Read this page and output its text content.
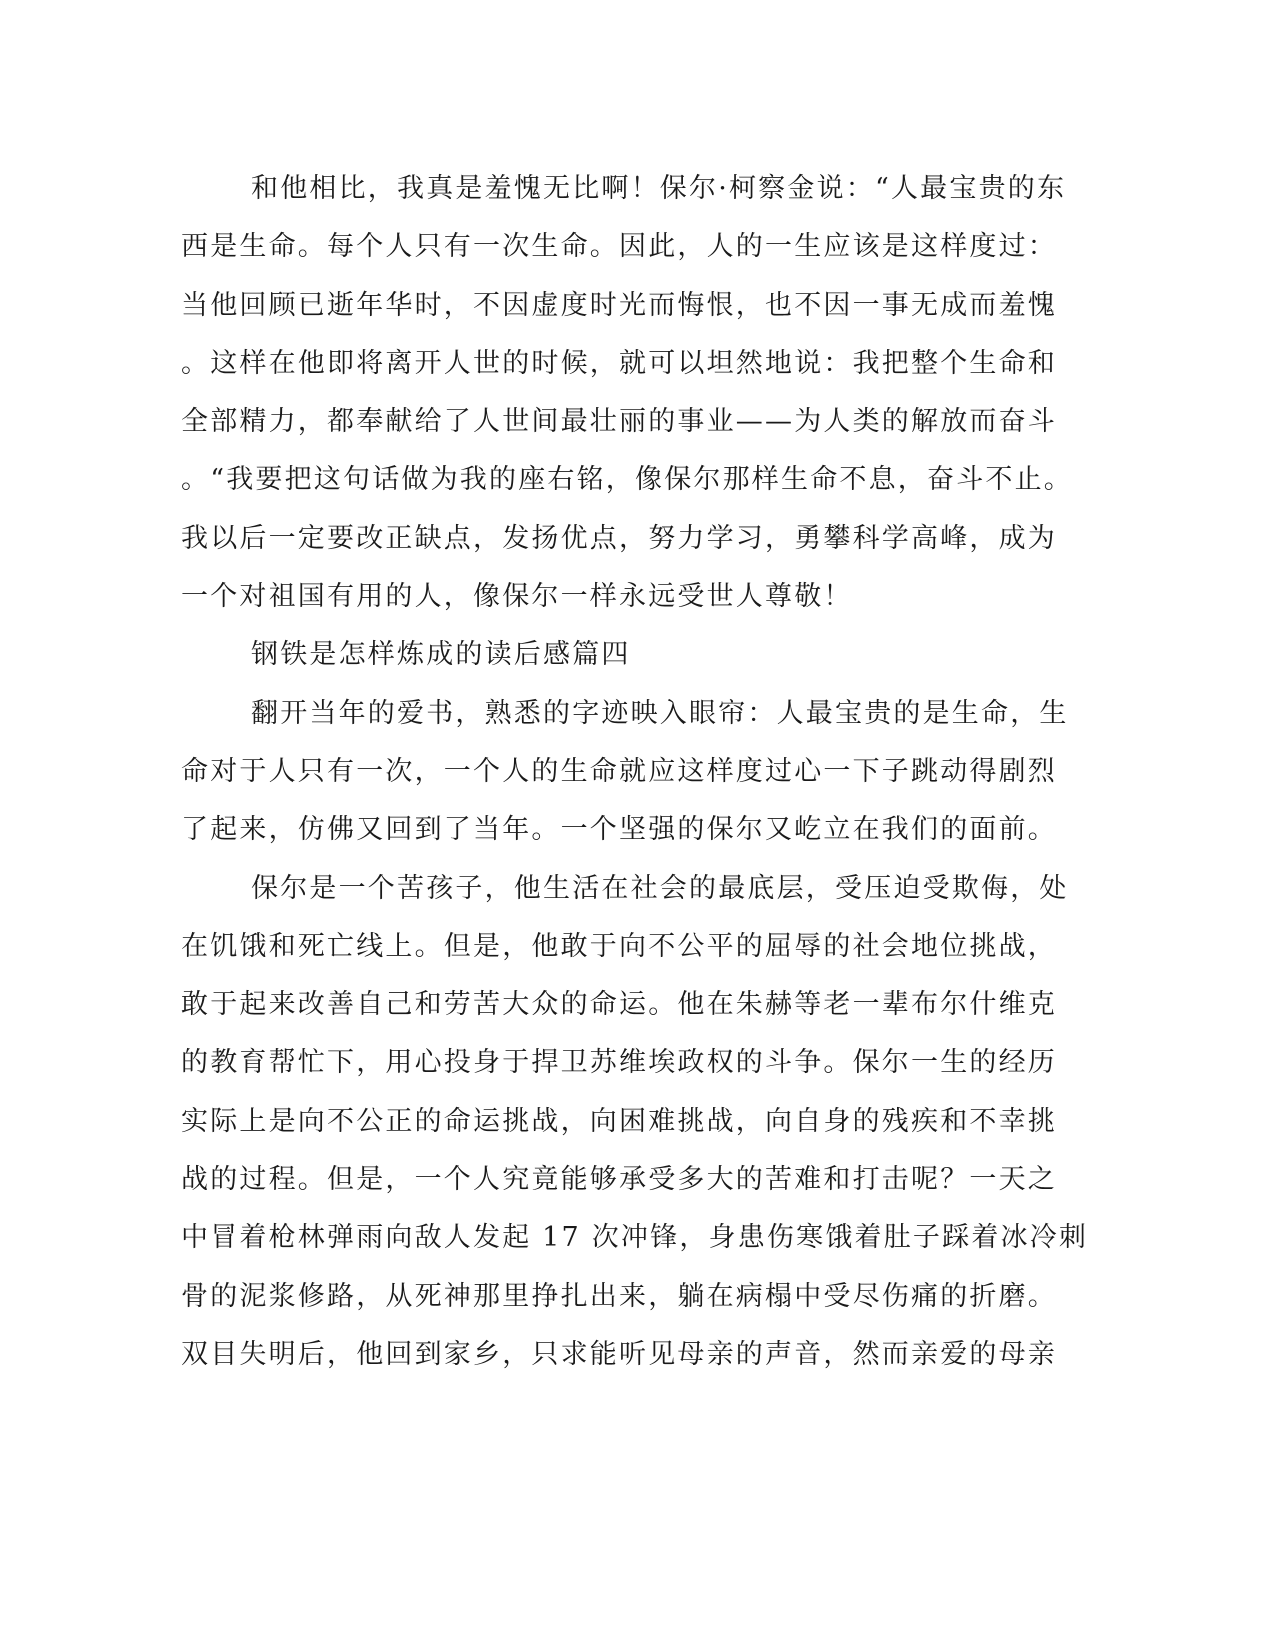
和他相比，我真是羞愧无比啊！保尔·柯察金说：“人最宝贵的东
西是生命。每个人只有一次生命。因此，人的一生应该是这样度过：
当他回顾已逝年华时，不因虚度时光而悔恨，也不因一事无成而羞愧
。这样在他即将离开人世的时候，就可以坦然地说：我把整个生命和
全部精力，都奉献给了人世间最壮丽的事业——为人类的解放而奋斗
。“我要把这句话做为我的座右铭，像保尔那样生命不息，奋斗不止。
我以后一定要改正缺点，发扬优点，努力学习，勇攀科学高峰，成为
一个对祖国有用的人，像保尔一样永远受世人尊敬！
钢铁是怎样炼成的读后感篇四
翻开当年的爱书，熟悉的字迹映入眼帘：人最宝贵的是生命，生
命对于人只有一次，一个人的生命就应这样度过心一下子跳动得剧烈
了起来，仿佛又回到了当年。一个坚强的保尔又屹立在我们的面前。
保尔是一个苦孩子，他生活在社会的最底层，受压迫受欺侮，处
在饥饿和死亡线上。但是，他敢于向不公平的屈辱的社会地位挑战，
敢于起来改善自己和劳苦大众的命运。他在朱赫等老一辈布尔什维克
的教育帮忙下，用心投身于捍卫苏维埃政权的斗争。保尔一生的经历
实际上是向不公正的命运挑战，向困难挑战，向自身的残疾和不幸挑
战的过程。但是，一个人究竟能够承受多大的苦难和打击呢？一天之
中冒着枪林弹雨向敌人发起 17 次冲锋，身患伤寒饿着肚子踩着冰冷刺
骨的泥浆修路，从死神那里挣扎出来，躺在病榻中受尽伤痛的折磨。
双目失明后，他回到家乡，只求能听见母亲的声音，然而亲爱的母亲
